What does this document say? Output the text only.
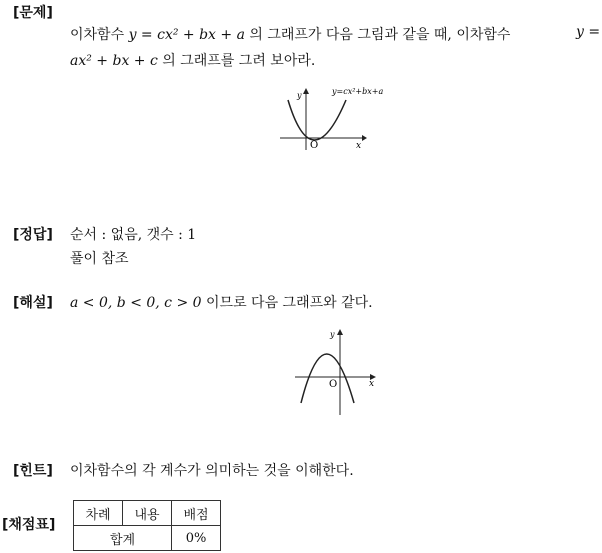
[문제]
이차함수 y = cx² + bx + a 의 그래프가 다음 그림과 같을 때, 이차함수	y =
ax² + bx + c 의 그래프를 그려 보아라.
y	y=cx²+bx+a
O	x
[정답] 순서 : 없음, 갯수 : 1
풀이 참조
[해설] a < 0, b < 0, c > 0 이므로 다음 그래프와 같다.
y
O	x
[힌트] 이차함수의 각 계수가 의미하는 것을 이해한다.
[채점표]
차례	내용	배점
합계		0%
